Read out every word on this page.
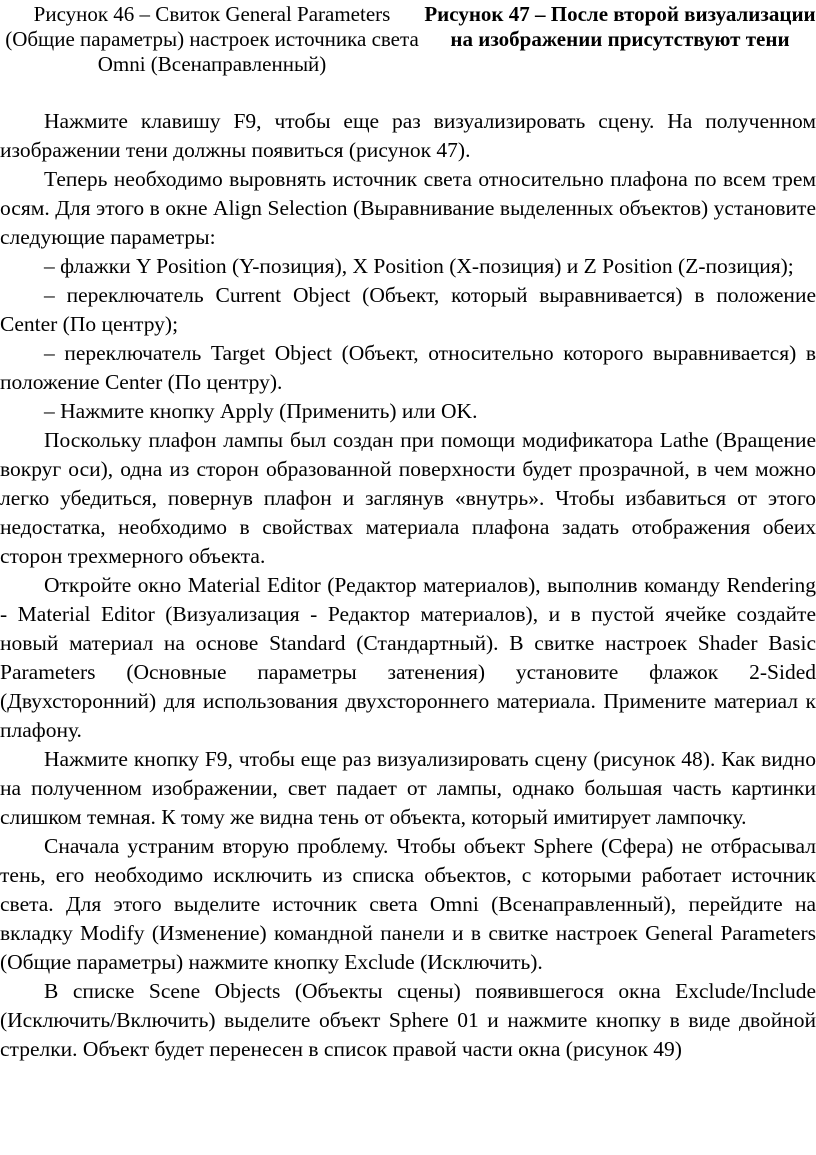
Рисунок 46 – Свиток General Parameters (Общие параметры) настроек источника света Omni (Всенаправленный)
Рисунок 47 – После второй визуализации на изображении присутствуют тени

Нажмите клавишу F9, чтобы еще раз визуализировать сцену. На полученном изображении тени должны появиться (рисунок 47).

Теперь необходимо выровнять источник света относительно плафона по всем трем осям. Для этого в окне Align Selection (Выравнивание выделенных объектов) установите следующие параметры:

– флажки Y Position (Y-позиция), X Position (X-позиция) и Z Position (Z-позиция);

– переключатель Current Object (Объект, который выравнивается) в положение Center (По центру);

– переключатель Target Object (Объект, относительно которого выравнивается) в положение Center (По центру).

– Нажмите кнопку Apply (Применить) или OK.

Поскольку плафон лампы был создан при помощи модификатора Lathe (Вращение вокруг оси), одна из сторон образованной поверхности будет прозрачной, в чем можно легко убедиться, повернув плафон и заглянув «внутрь». Чтобы избавиться от этого недостатка, необходимо в свойствах материала плафона задать отображения обеих сторон трехмерного объекта.

Откройте окно Material Editor (Редактор материалов), выполнив команду Rendering - Material Editor (Визуализация - Редактор материалов), и в пустой ячейке создайте новый материал на основе Standard (Стандартный). В свитке настроек Shader Basic Parameters (Основные параметры затенения) установите флажок 2-Sided (Двухсторонний) для использования двухстороннего материала. Примените материал к плафону.

Нажмите кнопку F9, чтобы еще раз визуализировать сцену (рисунок 48). Как видно на полученном изображении, свет падает от лампы, однако большая часть картинки слишком темная. К тому же видна тень от объекта, который имитирует лампочку.

Сначала устраним вторую проблему. Чтобы объект Sphere (Сфера) не отбрасывал тень, его необходимо исключить из списка объектов, с которыми работает источник света. Для этого выделите источник света Omni (Всенаправленный), перейдите на вкладку Modify (Изменение) командной панели и в свитке настроек General Parameters (Общие параметры) нажмите кнопку Exclude (Исключить).

В списке Scene Objects (Объекты сцены) появившегося окна Exclude/Include (Исключить/Включить) выделите объект Sphere 01 и нажмите кнопку в виде двойной стрелки. Объект будет перенесен в список правой части окна (рисунок 49)
